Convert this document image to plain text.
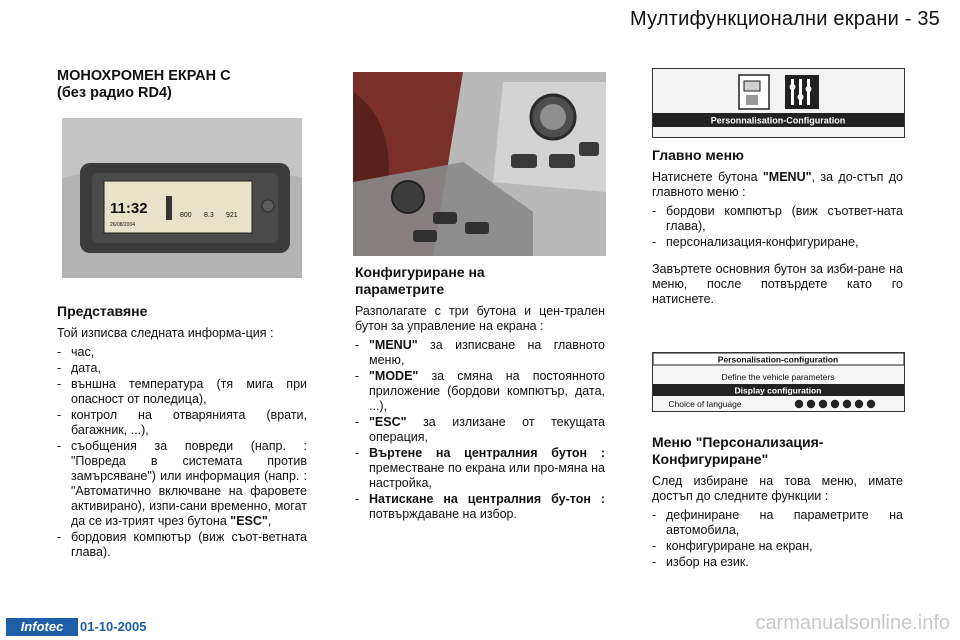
Мултифункционални екрани - 35
МОНОХРОМЕН ЕКРАН C
(без радио RD4)
11:32
26/08/2004
800 8.3 921
Представяне

Той изписва следната информа-ция :

- час,
- дата,
- външна температура (тя мига при опасност от поледица),
- контрол на отварянията (врати, багажник, ...),
- съобщения за повреди (напр. : "Повреда в системата против замърсяване") или информация (напр. : "Автоматично включване на фаровете активирано), изпи-сани временно, могат да се из-трият чрез бутона "ESC",
- бордовия компютър (виж съот-ветната глава).
Конфигуриране на
параметрите

Разполагате с три бутона и цен-трален бутон за управление на екрана :

- "MENU" за изписване на главното меню,
- "MODE" за смяна на постоянното приложение (бордови компютър, дата, ...),
- "ESC" за излизане от текущата операция,
- Въртене на централния бутон : преместване по екрана или про-мяна на настройка,
- Натискане на централния бу-тон : потвърждаване на избор.
Personnalisation-Configuration
Главно меню

Натиснете бутона "MENU", за до-стъп до главното меню :

- бордови компютър (виж съответ-ната глава),
- персонализация-конфигуриране,

Завъртете основния бутон за изби-ране на меню, после потвърдете като го натиснете.

Personalisation-configuration
Define the vehicle parameters
Display configuration
Choice of language
Меню "Персонализация-
Конфигуриране"

След избиране на това меню, имате достъп до следните функции :

- дефиниране на параметрите на автомобила,
- конфигуриране на екран,
- избор на език.
Infotec	01-10-2005	carmanualsonline.info
